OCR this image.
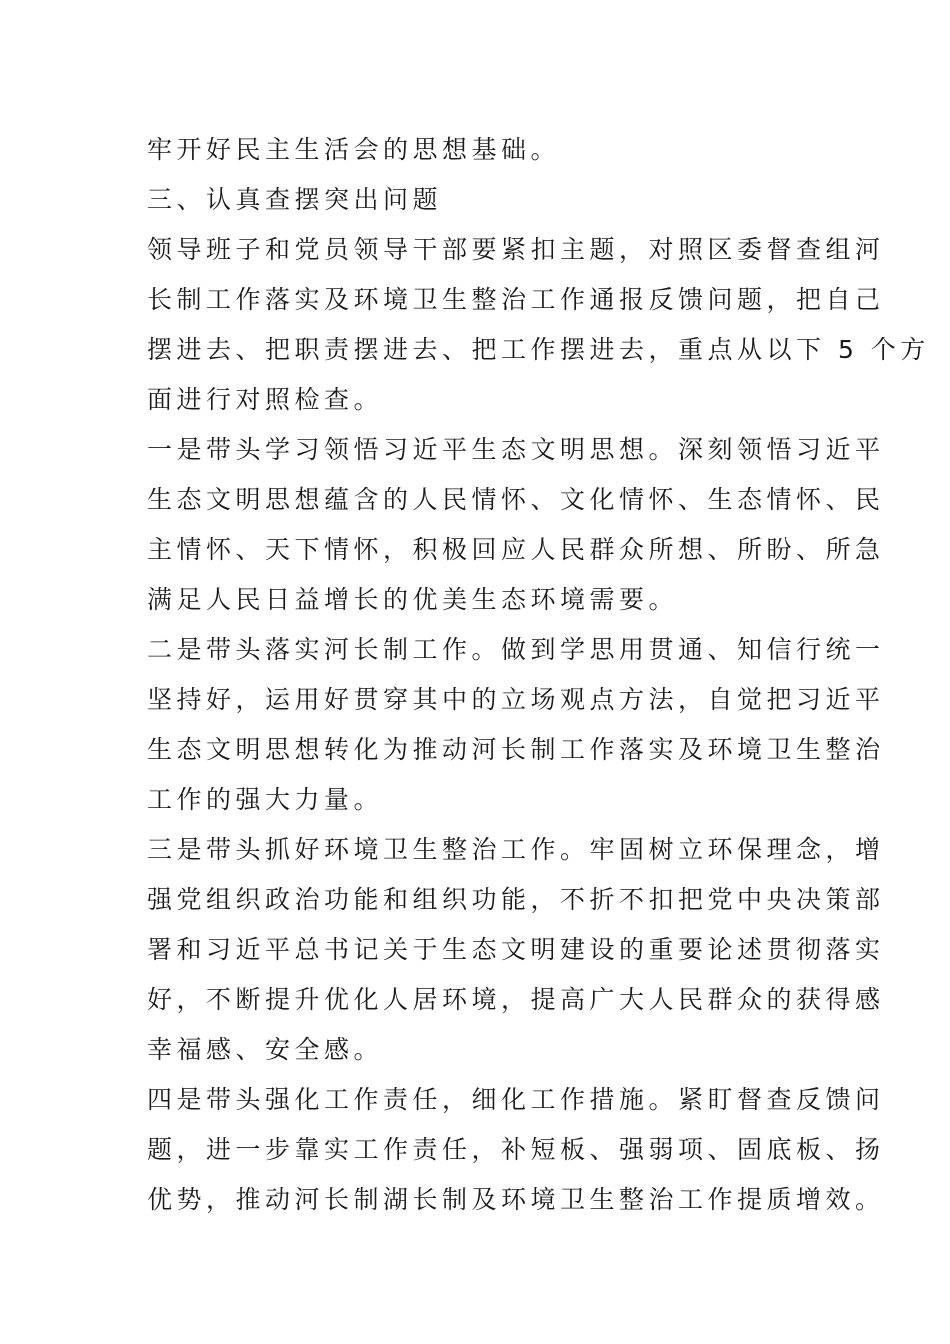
牢开好民主生活会的思想基础。
三、认真查摆突出问题
领导班子和党员领导干部要紧扣主题，对照区委督查组河
长制工作落实及环境卫生整治工作通报反馈问题，把自己
摆进去、把职责摆进去、把工作摆进去，重点从以下 5 个方
面进行对照检查。
一是带头学习领悟习近平生态文明思想。深刻领悟习近平
生态文明思想蕴含的人民情怀、文化情怀、生态情怀、民
主情怀、天下情怀，积极回应人民群众所想、所盼、所急
满足人民日益增长的优美生态环境需要。
二是带头落实河长制工作。做到学思用贯通、知信行统一
坚持好，运用好贯穿其中的立场观点方法，自觉把习近平
生态文明思想转化为推动河长制工作落实及环境卫生整治
工作的强大力量。
三是带头抓好环境卫生整治工作。牢固树立环保理念，增
强党组织政治功能和组织功能，不折不扣把党中央决策部
署和习近平总书记关于生态文明建设的重要论述贯彻落实
好，不断提升优化人居环境，提高广大人民群众的获得感
幸福感、安全感。
四是带头强化工作责任，细化工作措施。紧盯督查反馈问
题，进一步靠实工作责任，补短板、强弱项、固底板、扬
优势，推动河长制湖长制及环境卫生整治工作提质增效。
